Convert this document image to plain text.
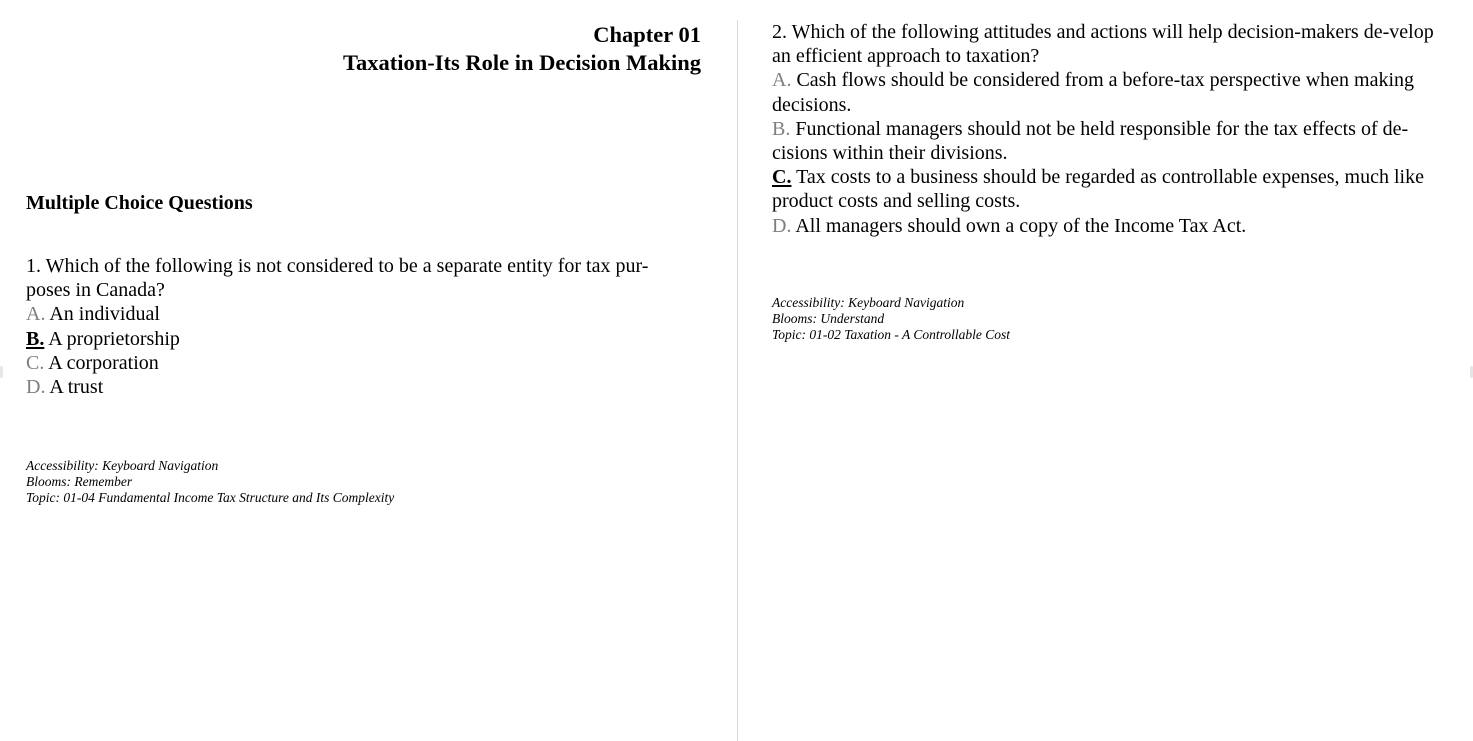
Chapter 01
Taxation-Its Role in Decision Making
Multiple Choice Questions

1. Which of the following is not considered to be a separate entity for tax pur-poses in Canada?

A. An individual

B. A proprietorship

C. A corporation

D. A trust

Accessibility: Keyboard Navigation
Blooms: Remember
Topic: 01-04 Fundamental Income Tax Structure and Its Complexity

2. Which of the following attitudes and actions will help decision-makers de-velop an efficient approach to taxation?

A. Cash flows should be considered from a before-tax perspective when making decisions.

B. Functional managers should not be held responsible for the tax effects of de-cisions within their divisions.

C. Tax costs to a business should be regarded as controllable expenses, much like product costs and selling costs.

D. All managers should own a copy of the Income Tax Act.

Accessibility: Keyboard Navigation
Blooms: Understand
Topic: 01-02 Taxation - A Controllable Cost
